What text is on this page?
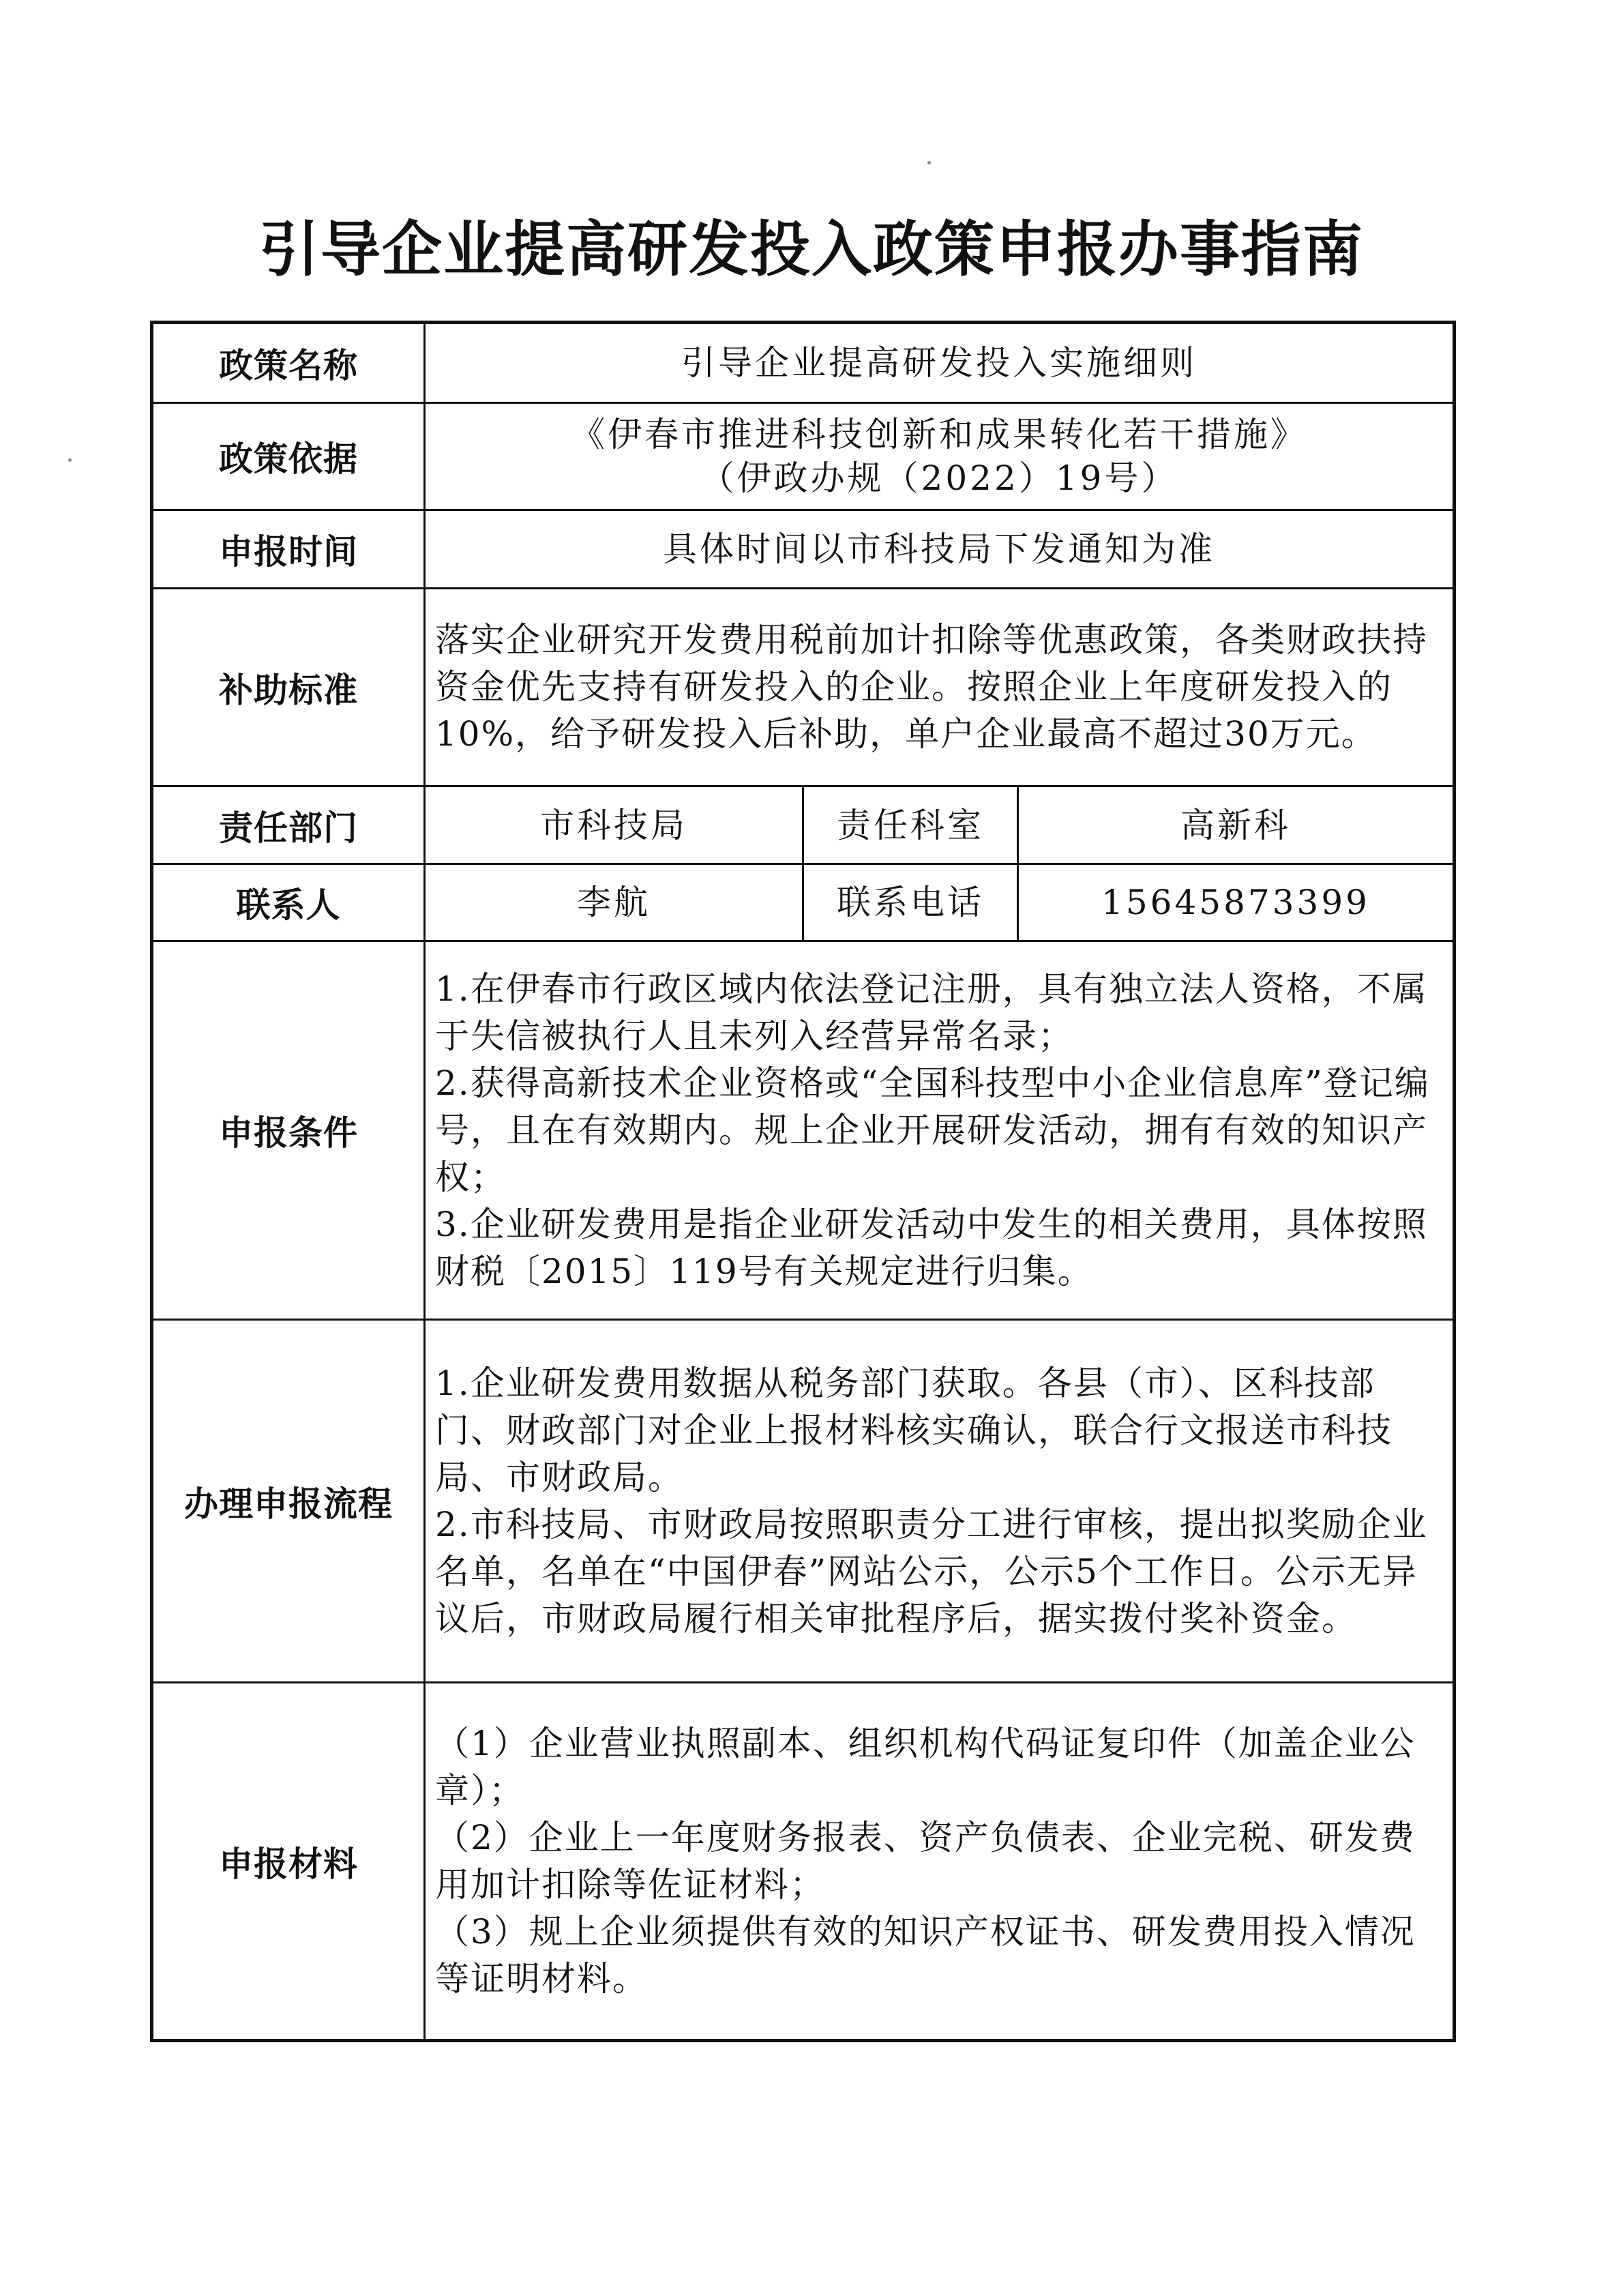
引导企业提高研发投入政策申报办事指南
政策名称	引导企业提高研发投入实施细则		
政策依据	《伊春市推进科技创新和成果转化若干措施》
（伊政办规（2022）19号）		

申报时间	具体时间以市科技局下发通知为准		
补助标准	落实企业研究开发费用税前加计扣除等优惠政策，各类财政扶持资金优先支持有研发投入的企业。按照企业上年度研发投入的10%，给予研发投入后补助，单户企业最高不超过30万元。		
责任部门	市科技局	责任科室	高新科
联系人	李航	联系电话	15645873399
申报条件	1.在伊春市行政区域内依法登记注册，具有独立法人资格，不属于失信被执行人且未列入经营异常名录；

2.获得高新技术企业资格或“全国科技型中小企业信息库”登记编号，且在有效期内。规上企业开展研发活动，拥有有效的知识产权；

3.企业研发费用是指企业研发活动中发生的相关费用，具体按照财税〔2015〕119号有关规定进行归集。		

办理申报流程	1.企业研发费用数据从税务部门获取。各县（市）、区科技部门、财政部门对企业上报材料核实确认，联合行文报送市科技局、市财政局。

2.市科技局、市财政局按照职责分工进行审核，提出拟奖励企业名单，名单在“中国伊春”网站公示，公示5个工作日。公示无异议后，市财政局履行相关审批程序后，据实拨付奖补资金。		

申报材料	（1）企业营业执照副本、组织机构代码证复印件（加盖企业公章）；

（2）企业上一年度财务报表、资产负债表、企业完税、研发费用加计扣除等佐证材料；

（3）规上企业须提供有效的知识产权证书、研发费用投入情况等证明材料。		
